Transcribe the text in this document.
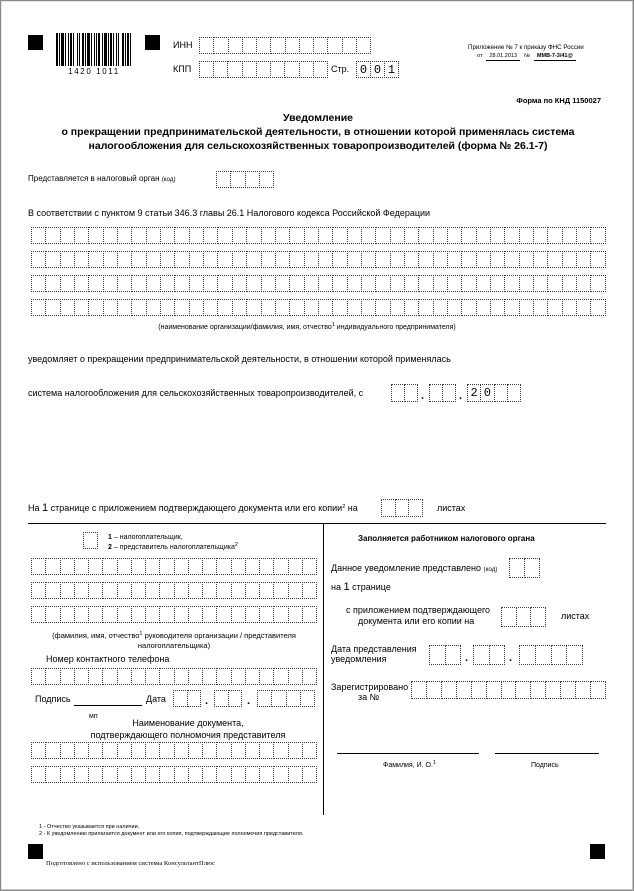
1420 1011
ИНН
КПП	Стр. 0 0 1
Приложение № 7 к приказу ФНС России
от	28.01.2013	№	ММВ-7-3/41@
Форма по КНД 1150027
Уведомление
о прекращении предпринимательской деятельности, в отношении которой применялась система
налогообложения для сельскохозяйственных товаропроизводителей (форма № 26.1-7)
Представляется в налоговый орган (код)
В соответствии с пунктом 9 статьи 346.3 главы 26.1 Налогового кодекса Российской Федерации
(наименование организации/фамилия, имя, отчество$^1$ индивидуального предпринимателя)
уведомляет о прекращении предпринимательской деятельности, в отношении которой применялась
система налогообложения для сельскохозяйственных товаропроизводителей, с	.	. 2 0
На 1 странице с приложением подтверждающего документа или его копии$^2$ на	листах
1 – налогоплательщик,
2 – представитель налогоплательщика$^2$
(фамилия, имя, отчество$^1$ руководителя организации / представителя
налогоплательщика)
Номер контактного телефона
Подпись	Дата	.	.
мп
Наименование документа,
подтверждающего полномочия представителя
Заполняется работником налогового органа
Данное уведомление представлено (код)
на 1 странице
с приложением подтверждающего
документа или его копии на	листах
Дата представления
уведомления	.	.
Зарегистрировано
за №
Фамилия, И. О.$^1$	Подпись
1 - Отчество указывается при наличии.
2 - К уведомлению прилагается документ или его копия, подтверждающие полномочия представителя.
Подготовлено с использованием системы КонсультантПлюс
